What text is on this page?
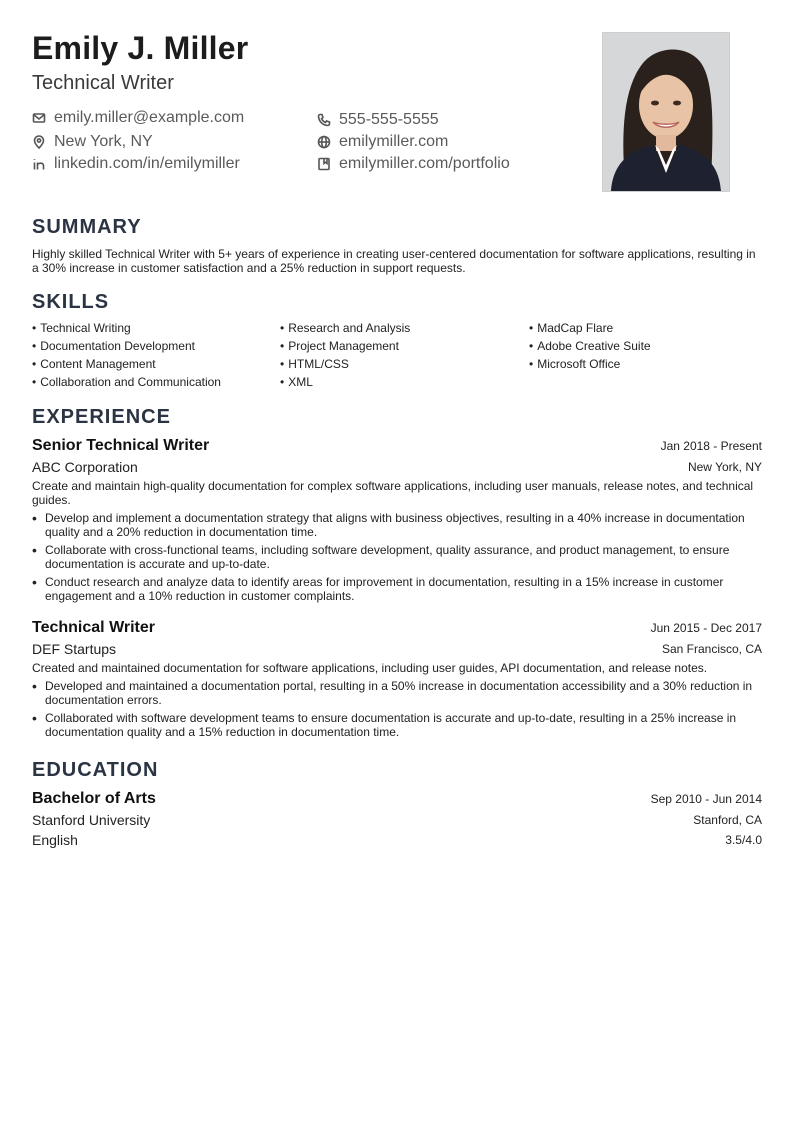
Emily J. Miller
Technical Writer
emily.miller@example.com	555-555-5555
New York, NY	emilymiller.com
linkedin.com/in/emilymiller	emilymiller.com/portfolio
SUMMARY
Highly skilled Technical Writer with 5+ years of experience in creating user-centered documentation for software applications, resulting in a 30% increase in customer satisfaction and a 25% reduction in support requests.
SKILLS
• Technical Writing	• Research and Analysis	• MadCap Flare
• Documentation Development	• Project Management	• Adobe Creative Suite
• Content Management	• HTML/CSS	• Microsoft Office
• Collaboration and Communication	• XML
EXPERIENCE
Senior Technical Writer	Jan 2018 - Present
ABC Corporation	New York, NY
Create and maintain high-quality documentation for complex software applications, including user manuals, release notes, and technical guides.
• Develop and implement a documentation strategy that aligns with business objectives, resulting in a 40% increase in documentation quality and a 20% reduction in documentation time.
• Collaborate with cross-functional teams, including software development, quality assurance, and product management, to ensure documentation is accurate and up-to-date.
• Conduct research and analyze data to identify areas for improvement in documentation, resulting in a 15% increase in customer engagement and a 10% reduction in customer complaints.
Technical Writer	Jun 2015 - Dec 2017
DEF Startups	San Francisco, CA
Created and maintained documentation for software applications, including user guides, API documentation, and release notes.
• Developed and maintained a documentation portal, resulting in a 50% increase in documentation accessibility and a 30% reduction in documentation errors.
• Collaborated with software development teams to ensure documentation is accurate and up-to-date, resulting in a 25% increase in documentation quality and a 15% reduction in documentation time.
EDUCATION
Bachelor of Arts	Sep 2010 - Jun 2014
Stanford University	Stanford, CA
English	3.5/4.0
